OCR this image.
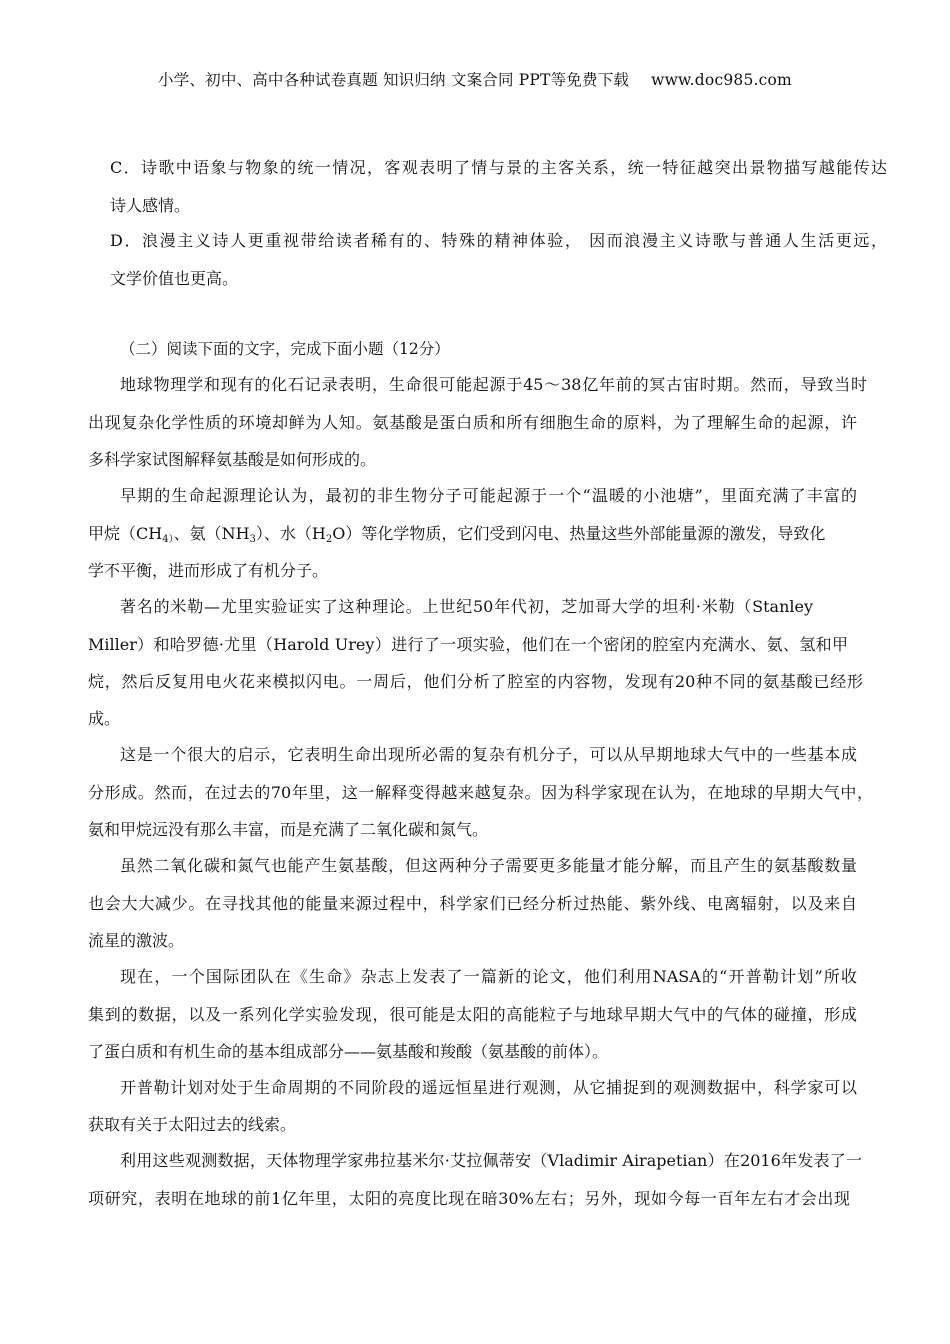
小学、初中、高中各种试卷真题 知识归纳 文案合同 PPT等免费下载 www.doc985.com
C．诗歌中语象与物象的统一情况，客观表明了情与景的主客关系，统一特征越突出景物描写越能传达
诗人感情。
D．浪漫主义诗人更重视带给读者稀有的、特殊的精神体验， 因而浪漫主义诗歌与普通人生活更远，
文学价值也更高。
（二）阅读下面的文字，完成下面小题（12分）
地球物理学和现有的化石记录表明，生命很可能起源于45～38亿年前的冥古宙时期。然而，导致当时
出现复杂化学性质的环境却鲜为人知。氨基酸是蛋白质和所有细胞生命的原料，为了理解生命的起源，许
多科学家试图解释氨基酸是如何形成的。
早期的生命起源理论认为，最初的非生物分子可能起源于一个“温暖的小池塘”，里面充满了丰富的
甲烷（$CH_{4)}$、氨$(NH_3)$、水$(H_2O)$等化学物质，它们受到闪电、热量这些外部能量源的激发，导致化
学不平衡，进而形成了有机分子。
著名的米勒—尤里实验证实了这种理论。上世纪50年代初，芝加哥大学的坦利·米勒（Stanley
Miller）和哈罗德·尤里（Harold Urey）进行了一项实验，他们在一个密闭的腔室内充满水、氨、氢和甲
烷，然后反复用电火花来模拟闪电。一周后，他们分析了腔室的内容物，发现有20种不同的氨基酸已经形
成。
这是一个很大的启示，它表明生命出现所必需的复杂有机分子，可以从早期地球大气中的一些基本成
分形成。然而，在过去的70年里，这一解释变得越来越复杂。因为科学家现在认为，在地球的早期大气中，
氨和甲烷远没有那么丰富，而是充满了二氧化碳和氮气。
虽然二氧化碳和氮气也能产生氨基酸，但这两种分子需要更多能量才能分解，而且产生的氨基酸数量
也会大大减少。在寻找其他的能量来源过程中，科学家们已经分析过热能、紫外线、电离辐射，以及来自
流星的激波。
现在，一个国际团队在《生命》杂志上发表了一篇新的论文，他们利用NASA的“开普勒计划”所收
集到的数据，以及一系列化学实验发现，很可能是太阳的高能粒子与地球早期大气中的气体的碰撞，形成
了蛋白质和有机生命的基本组成部分——氨基酸和羧酸（氨基酸的前体）。
开普勒计划对处于生命周期的不同阶段的遥远恒星进行观测，从它捕捉到的观测数据中，科学家可以
获取有关于太阳过去的线索。
利用这些观测数据，天体物理学家弗拉基米尔·艾拉佩蒂安（Vladimir Airapetian）在2016年发表了一
项研究，表明在地球的前1亿年里，太阳的亮度比现在暗30%左右；另外，现如今每一百年左右才会出现
